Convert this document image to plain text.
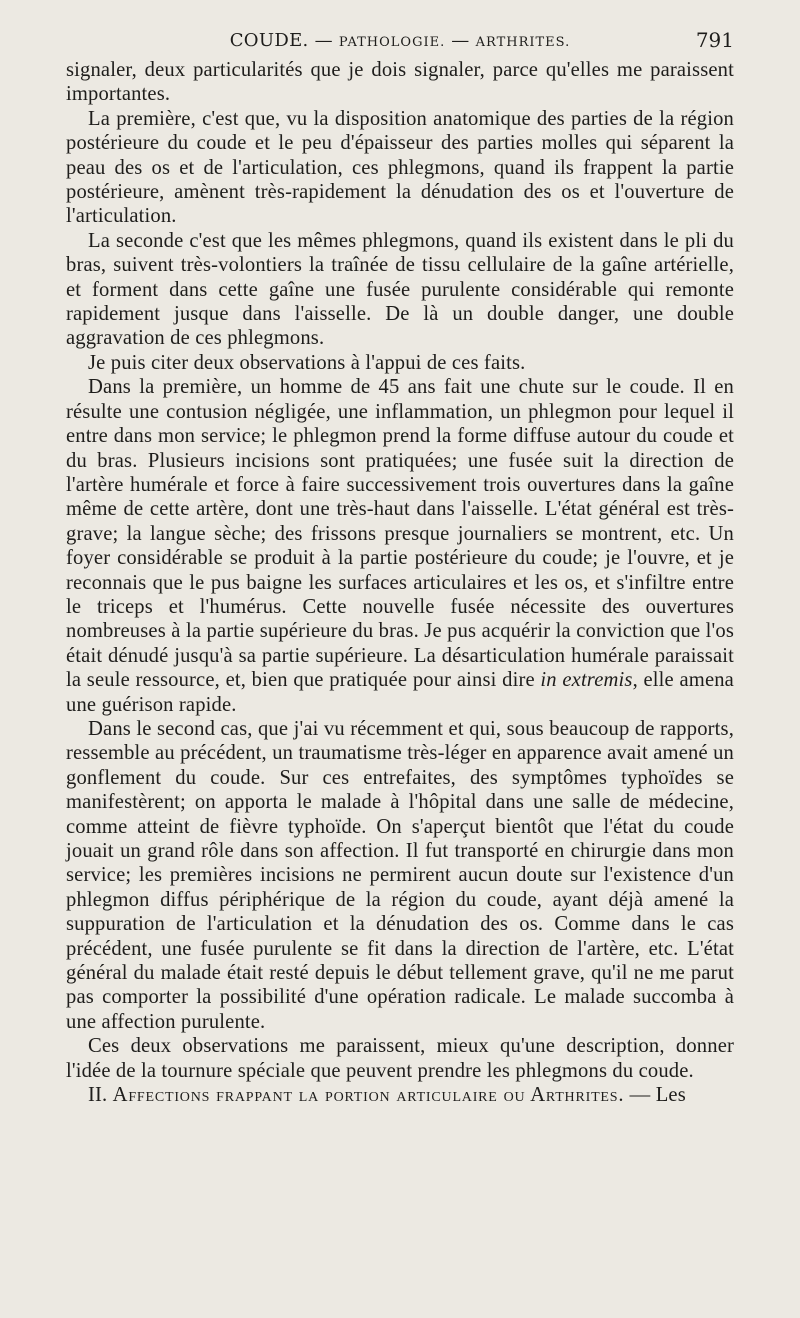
COUDE. — PATHOLOGIE. — ARTHRITES.	791

signaler, deux particularités que je dois signaler, parce qu'elles me paraissent importantes.

La première, c'est que, vu la disposition anatomique des parties de la région postérieure du coude et le peu d'épaisseur des parties molles qui séparent la peau des os et de l'articulation, ces phlegmons, quand ils frappent la partie postérieure, amènent très-rapidement la dénudation des os et l'ouverture de l'articulation.

La seconde c'est que les mêmes phlegmons, quand ils existent dans le pli du bras, suivent très-volontiers la traînée de tissu cellulaire de la gaîne artérielle, et forment dans cette gaîne une fusée purulente considérable qui remonte rapidement jusque dans l'aisselle. De là un double danger, une double aggravation de ces phlegmons.

Je puis citer deux observations à l'appui de ces faits.

Dans la première, un homme de 45 ans fait une chute sur le coude. Il en résulte une contusion négligée, une inflammation, un phlegmon pour lequel il entre dans mon service; le phlegmon prend la forme diffuse autour du coude et du bras. Plusieurs incisions sont pratiquées; une fusée suit la direction de l'artère humérale et force à faire successivement trois ouvertures dans la gaîne même de cette artère, dont une très-haut dans l'aisselle. L'état général est très-grave; la langue sèche; des frissons presque journaliers se montrent, etc. Un foyer considérable se produit à la partie postérieure du coude; je l'ouvre, et je reconnais que le pus baigne les surfaces articulaires et les os, et s'infiltre entre le triceps et l'humérus. Cette nouvelle fusée nécessite des ouvertures nombreuses à la partie supérieure du bras. Je pus acquérir la conviction que l'os était dénudé jusqu'à sa partie supérieure. La désarticulation humérale paraissait la seule ressource, et, bien que pratiquée pour ainsi dire in extremis, elle amena une guérison rapide.

Dans le second cas, que j'ai vu récemment et qui, sous beaucoup de rapports, ressemble au précédent, un traumatisme très-léger en apparence avait amené un gonflement du coude. Sur ces entrefaites, des symptômes typhoïdes se manifestèrent; on apporta le malade à l'hôpital dans une salle de médecine, comme atteint de fièvre typhoïde. On s'aperçut bientôt que l'état du coude jouait un grand rôle dans son affection. Il fut transporté en chirurgie dans mon service; les premières incisions ne permirent aucun doute sur l'existence d'un phlegmon diffus périphérique de la région du coude, ayant déjà amené la suppuration de l'articulation et la dénudation des os. Comme dans le cas précédent, une fusée purulente se fit dans la direction de l'artère, etc. L'état général du malade était resté depuis le début tellement grave, qu'il ne me parut pas comporter la possibilité d'une opération radicale. Le malade succomba à une affection purulente.

Ces deux observations me paraissent, mieux qu'une description, donner l'idée de la tournure spéciale que peuvent prendre les phlegmons du coude.

II. Affections frappant la portion articulaire ou Arthrites. — Les
